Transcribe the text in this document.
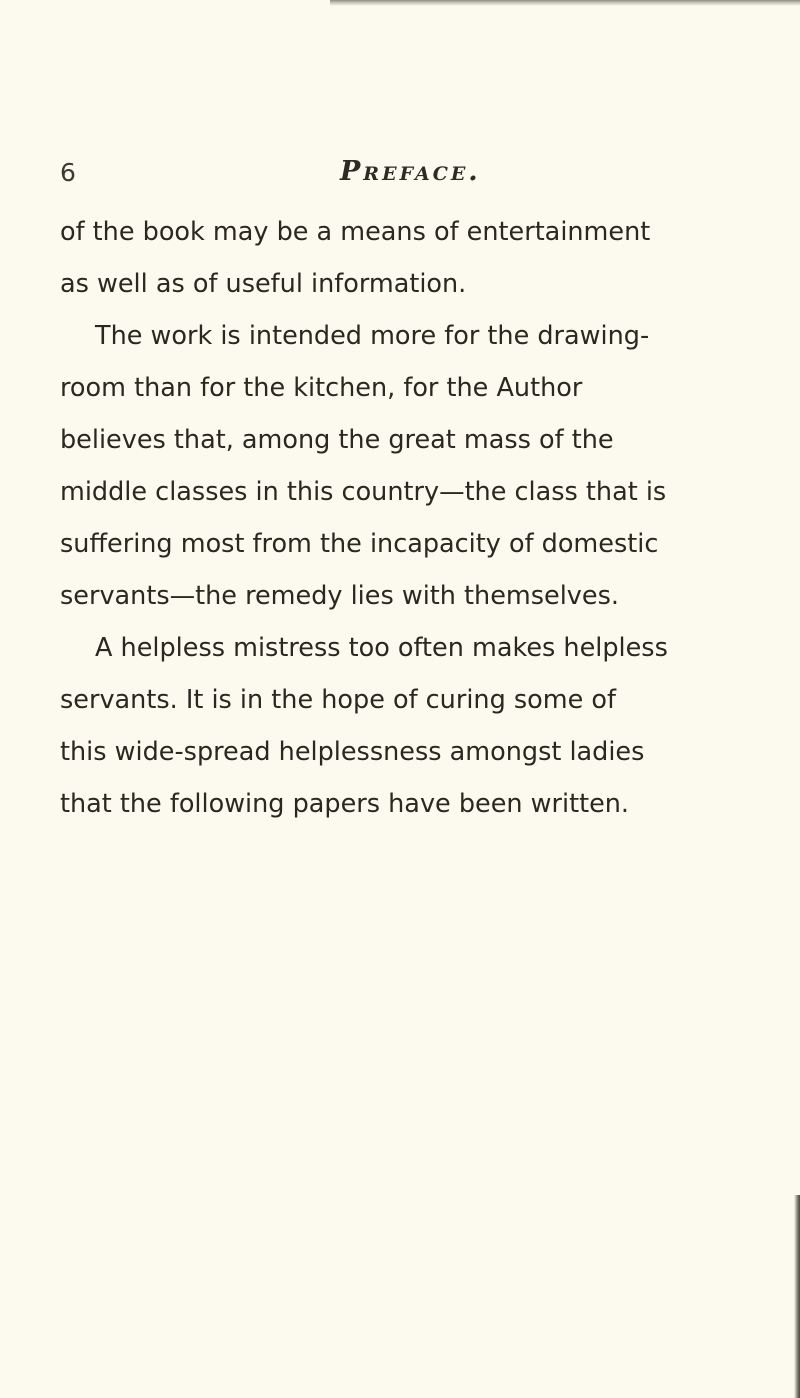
6	Preface.
of the book may be a means of entertainment
as well as of useful information.
The work is intended more for the drawing-
room than for the kitchen, for the Author
believes that, among the great mass of the
middle classes in this country—the class that is
suffering most from the incapacity of domestic
servants—the remedy lies with themselves.
A helpless mistress too often makes helpless
servants. It is in the hope of curing some of
this wide-spread helplessness amongst ladies
that the following papers have been written.
